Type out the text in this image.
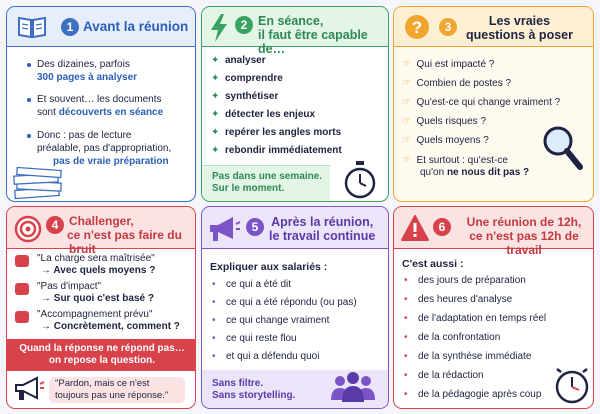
1 Avant la réunion
Des dizaines, parfois
300 pages à analyser
Et souvent… les documents
sont découverts en séance
Donc : pas de lecture
préalable, pas d'appropriation,
pas de vraie préparation
2 En séance,
il faut être capable de…
✦ analyser
✦ comprendre
✦ synthétiser
✦ détecter les enjeux
✦ repérer les angles morts
✦ rebondir immédiatement
Pas dans une semaine.
Sur le moment.
?	3	Les vraies
questions à poser
☞ Qui est impacté ?
☞ Combien de postes ?
☞ Qu'est-ce qui change vraiment ?
☞ Quels risques ?
☞ Quels moyens ?
☞ Et surtout : qu'est-ce
qu'on ne nous dit pas ?
4 Challenger,
ce n'est pas faire du bruit
"La charge sera maîtrisée"
→ Avec quels moyens ?
"Pas d'impact"
→ Sur quoi c'est basé ?
"Accompagnement prévu"
→ Concrètement, comment ?
Quand la réponse ne répond pas…
on repose la question.
"Pardon, mais ce n'est
toujours pas une réponse."
5	Après la réunion,
le travail continue
Expliquer aux salariés :
• ce qui a été dit
• ce qui a été répondu (ou pas)
• ce qui change vraiment
• ce qui reste flou
• et qui a défendu quoi
Sans filtre.
Sans storytelling.
6	Une réunion de 12h,
ce n'est pas 12h de travail
C'est aussi :
• des jours de préparation
• des heures d'analyse
• de l'adaptation en temps réel
• de la confrontation
• de la synthèse immédiate
• de la rédaction
• de la pédagogie après coup
